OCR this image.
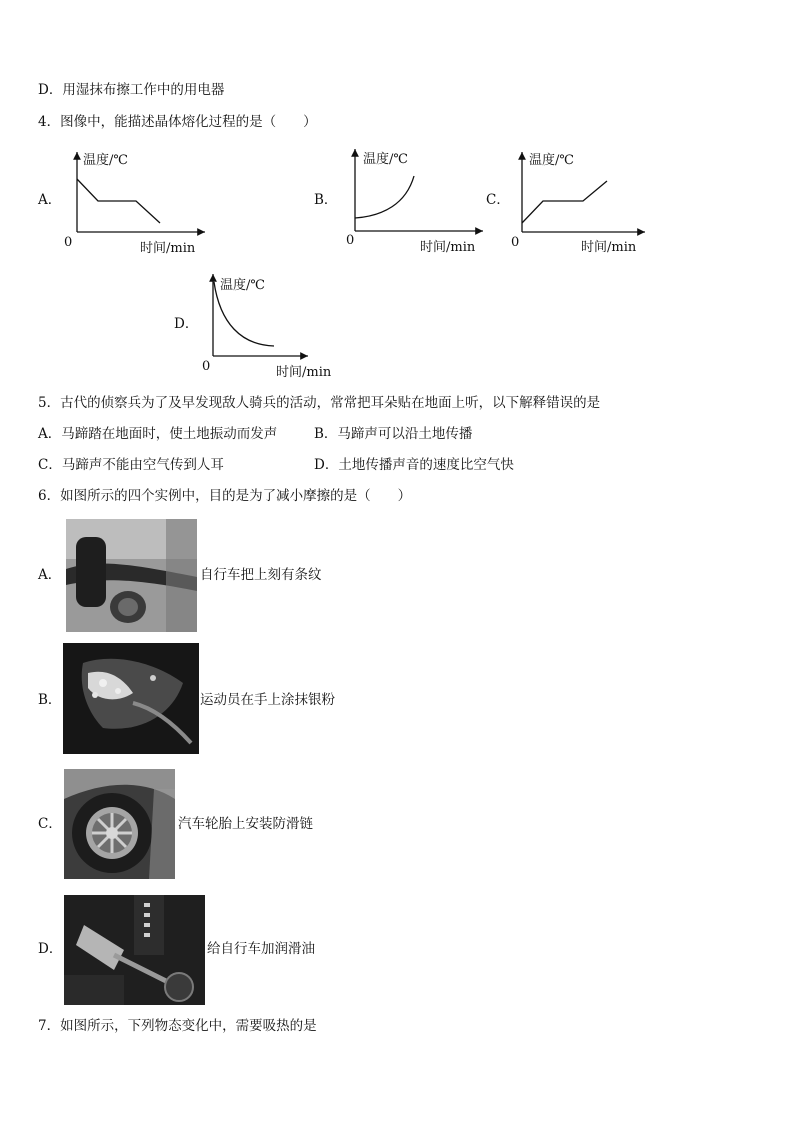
D．用湿抹布擦工作中的用电器
4．图像中，能描述晶体熔化过程的是（　　）
A．
温度/℃
时间/min
0
B．
温度/℃
时间/min
0
C．
温度/℃
时间/min
0
D．
温度/℃
时间/min
0
5．古代的侦察兵为了及早发现敌人骑兵的活动，常常把耳朵贴在地面上听，以下解释错误的是
A．马蹄踏在地面时，使土地振动而发声	B．马蹄声可以沿土地传播
C．马蹄声不能由空气传到人耳	D．土地传播声音的速度比空气快
6．如图所示的四个实例中，目的是为了减小摩擦的是（　　）
A．	自行车把上刻有条纹
B．	运动员在手上涂抹银粉
C．	汽车轮胎上安装防滑链
D．	给自行车加润滑油
7．如图所示，下列物态变化中，需要吸热的是
